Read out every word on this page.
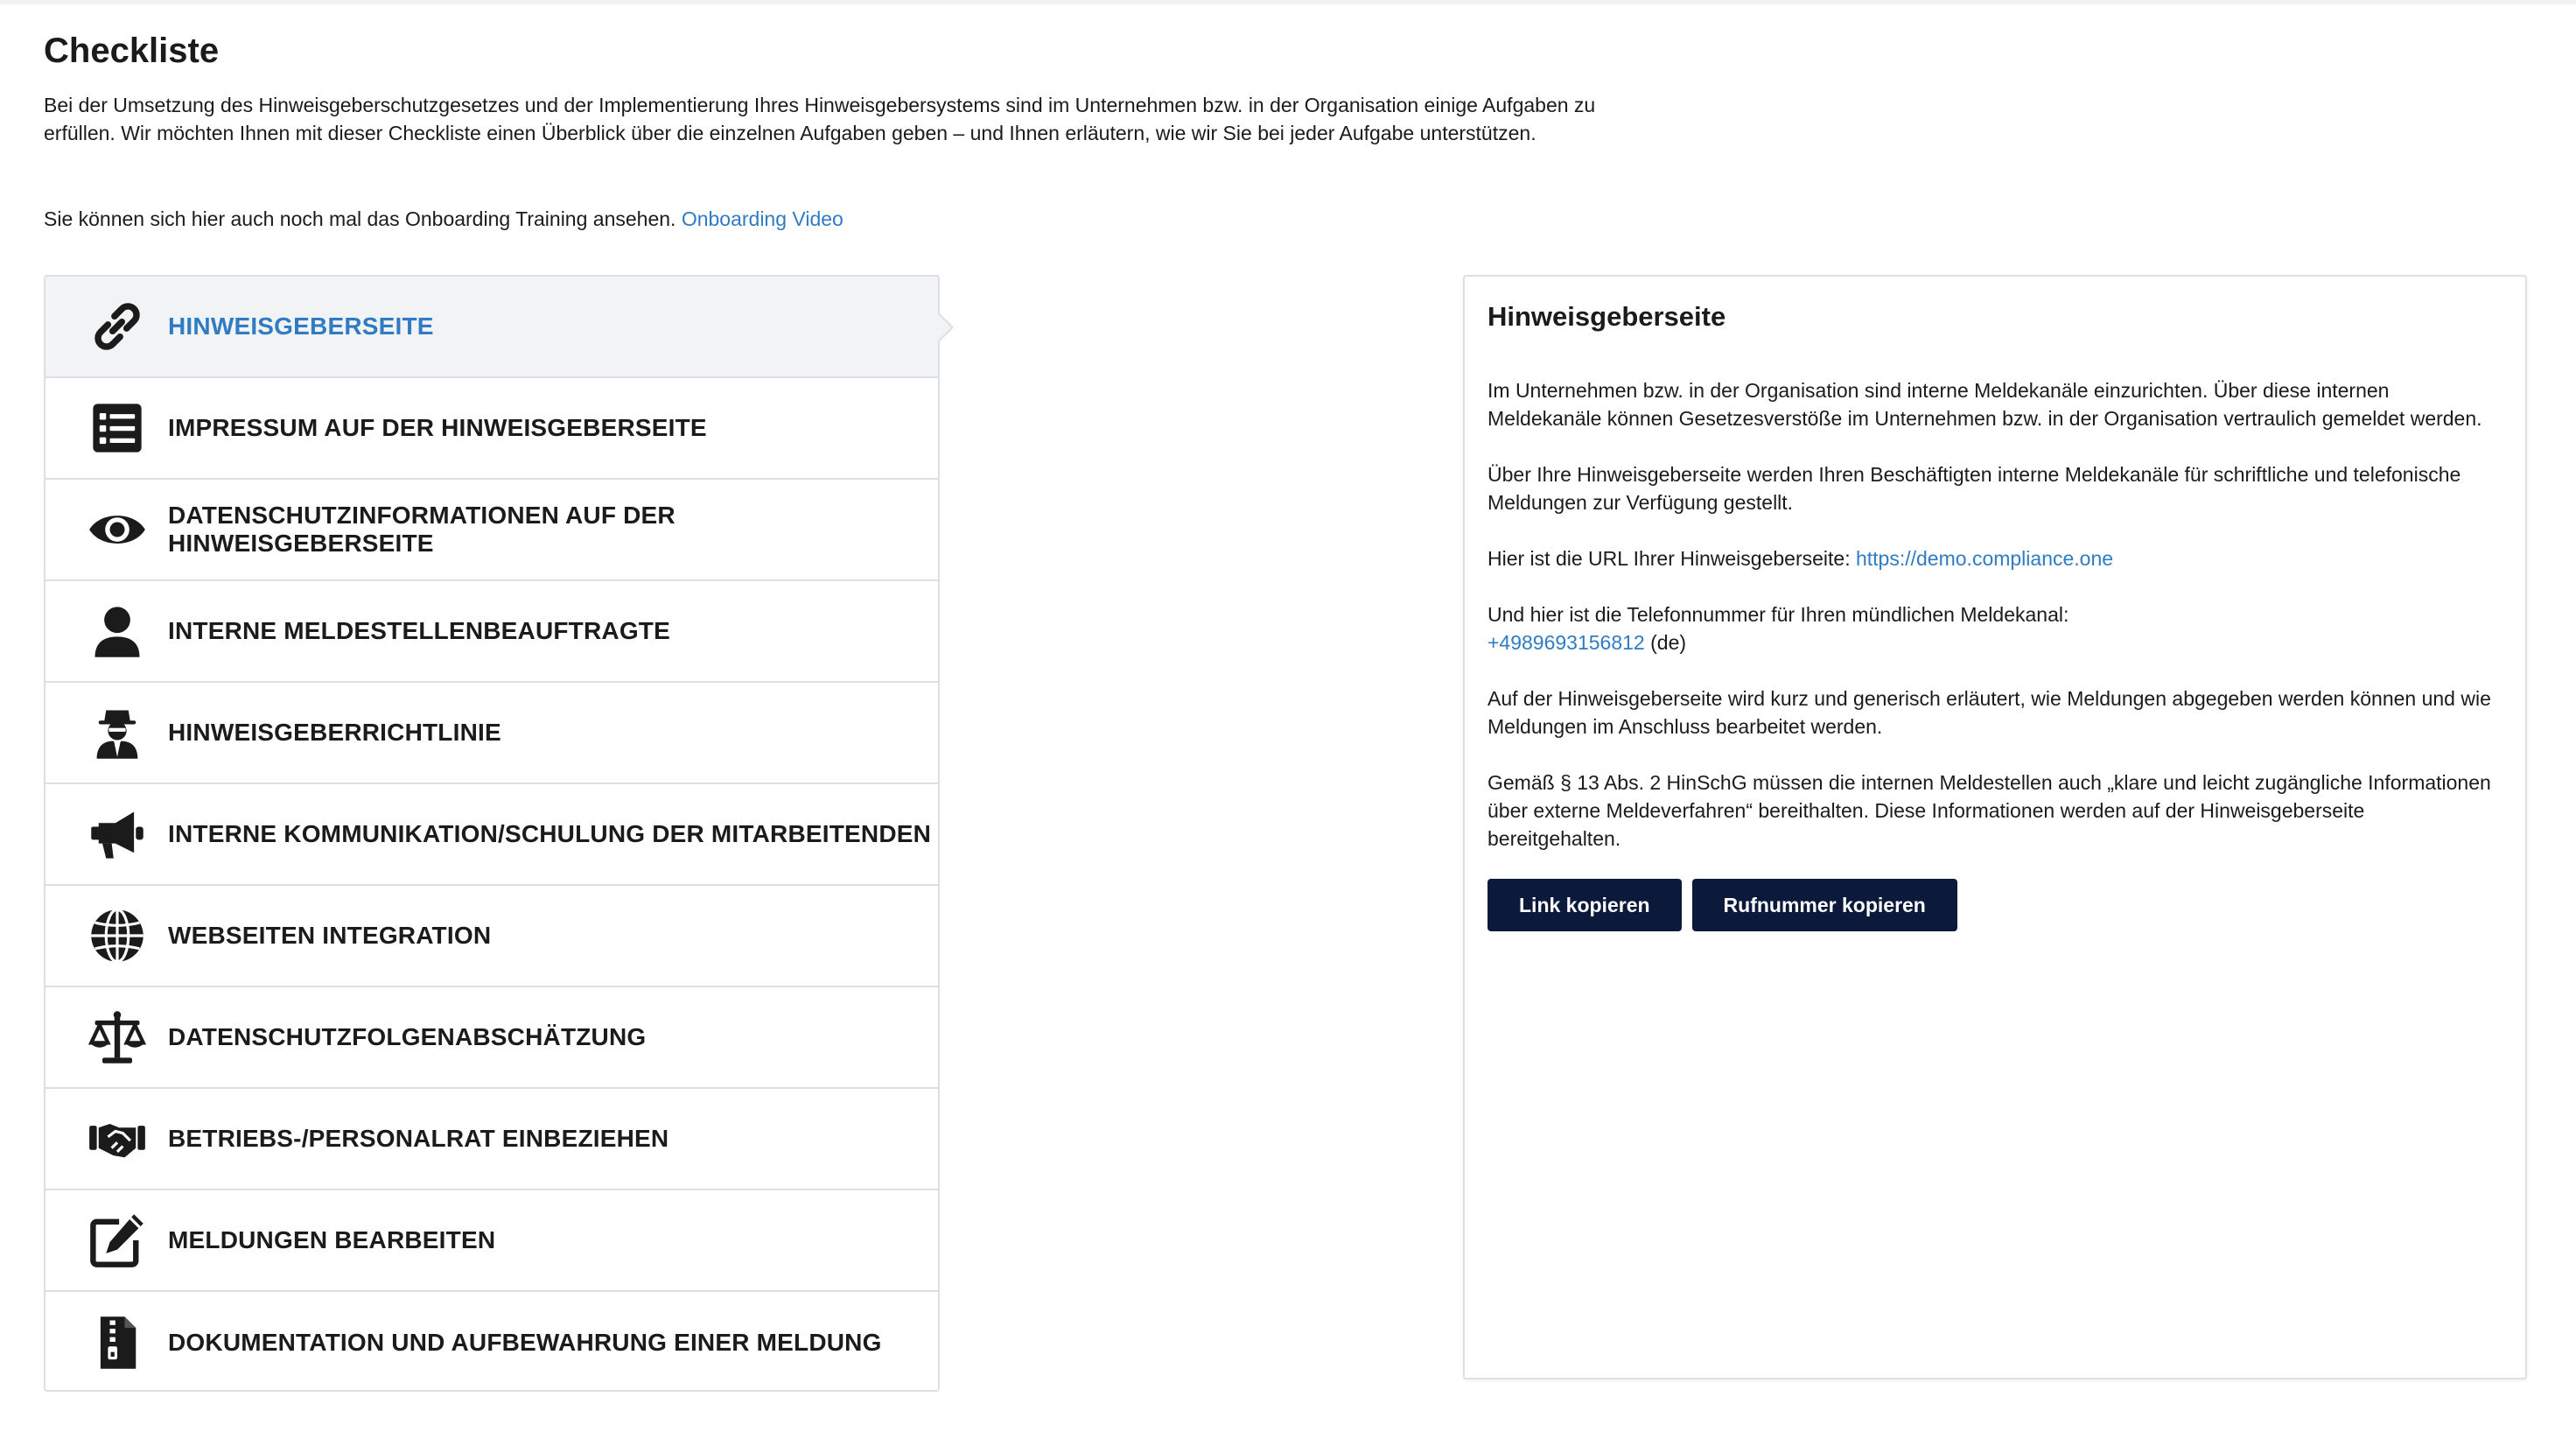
Checkliste

Bei der Umsetzung des Hinweisgeberschutzgesetzes und der Implementierung Ihres Hinweisgebersystems sind im Unternehmen bzw. in der Organisation einige Aufgaben zu erfüllen. Wir möchten Ihnen mit dieser Checkliste einen Überblick über die einzelnen Aufgaben geben – und Ihnen erläutern, wie wir Sie bei jeder Aufgabe unterstützen.

Sie können sich hier auch noch mal das Onboarding Training ansehen. Onboarding Video

HINWEISGEBERSEITE
IMPRESSUM AUF DER HINWEISGEBERSEITE
DATENSCHUTZINFORMATIONEN AUF DER HINWEISGEBERSEITE
INTERNE MELDESTELLENBEAUFTRAGTE
HINWEISGEBERRICHTLINIE
INTERNE KOMMUNIKATION/SCHULUNG DER MITARBEITENDEN
WEBSEITEN INTEGRATION
DATENSCHUTZFOLGENABSCHÄTZUNG
BETRIEBS-/PERSONALRAT EINBEZIEHEN
MELDUNGEN BEARBEITEN
DOKUMENTATION UND AUFBEWAHRUNG EINER MELDUNG
Hinweisgeberseite

Im Unternehmen bzw. in der Organisation sind interne Meldekanäle einzurichten. Über diese internen Meldekanäle können Gesetzesverstöße im Unternehmen bzw. in der Organisation vertraulich gemeldet werden.

Über Ihre Hinweisgeberseite werden Ihren Beschäftigten interne Meldekanäle für schriftliche und telefonische Meldungen zur Verfügung gestellt.

Hier ist die URL Ihrer Hinweisgeberseite: https://demo.compliance.one

Und hier ist die Telefonnummer für Ihren mündlichen Meldekanal:
+4989693156812 (de)

Auf der Hinweisgeberseite wird kurz und generisch erläutert, wie Meldungen abgegeben werden können und wie Meldungen im Anschluss bearbeitet werden.

Gemäß § 13 Abs. 2 HinSchG müssen die internen Meldestellen auch „klare und leicht zugängliche Informationen über externe Meldeverfahren“ bereithalten. Diese Informationen werden auf der Hinweisgeberseite bereitgehalten.

Link kopieren	Rufnummer kopieren
